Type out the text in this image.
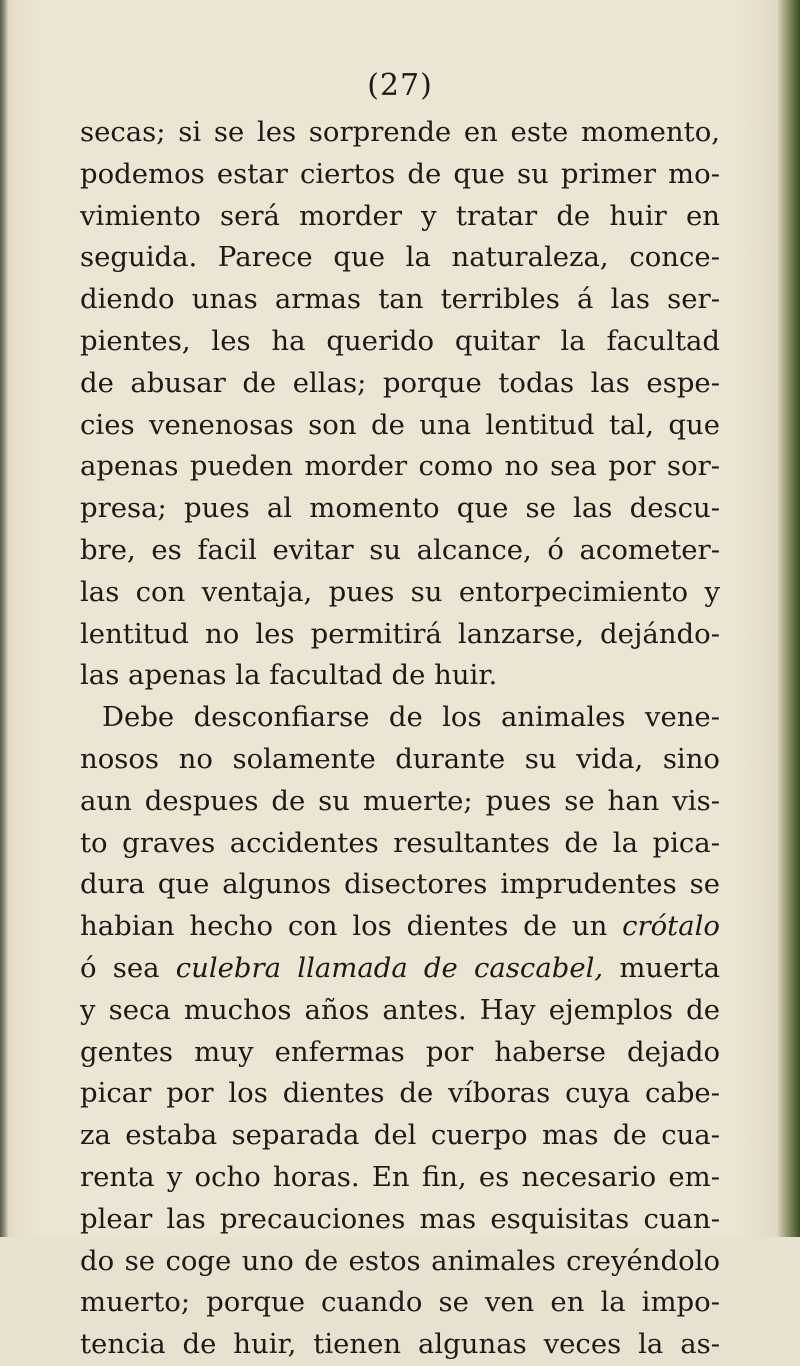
(27)
secas; si se les sorprende en este momento,
podemos estar ciertos de que su primer mo-
vimiento será morder y tratar de huir en
seguida. Parece que la naturaleza, conce-
diendo unas armas tan terribles á las ser-
pientes, les ha querido quitar la facultad
de abusar de ellas; porque todas las espe-
cies venenosas son de una lentitud tal, que
apenas pueden morder como no sea por sor-
presa; pues al momento que se las descu-
bre, es facil evitar su alcance, ó acometer-
las con ventaja, pues su entorpecimiento y
lentitud no les permitirá lanzarse, dejándo-
las apenas la facultad de huir.
Debe desconfiarse de los animales vene-
nosos no solamente durante su vida, sino
aun despues de su muerte; pues se han vis-
to graves accidentes resultantes de la pica-
dura que algunos disectores imprudentes se
habian hecho con los dientes de un crótalo
ó sea culebra llamada de cascabel, muerta
y seca muchos años antes. Hay ejemplos de
gentes muy enfermas por haberse dejado
picar por los dientes de víboras cuya cabe-
za estaba separada del cuerpo mas de cua-
renta y ocho horas. En fin, es necesario em-
plear las precauciones mas esquisitas cuan-
do se coge uno de estos animales creyéndolo
muerto; porque cuando se ven en la impo-
tencia de huir, tienen algunas veces la as-
